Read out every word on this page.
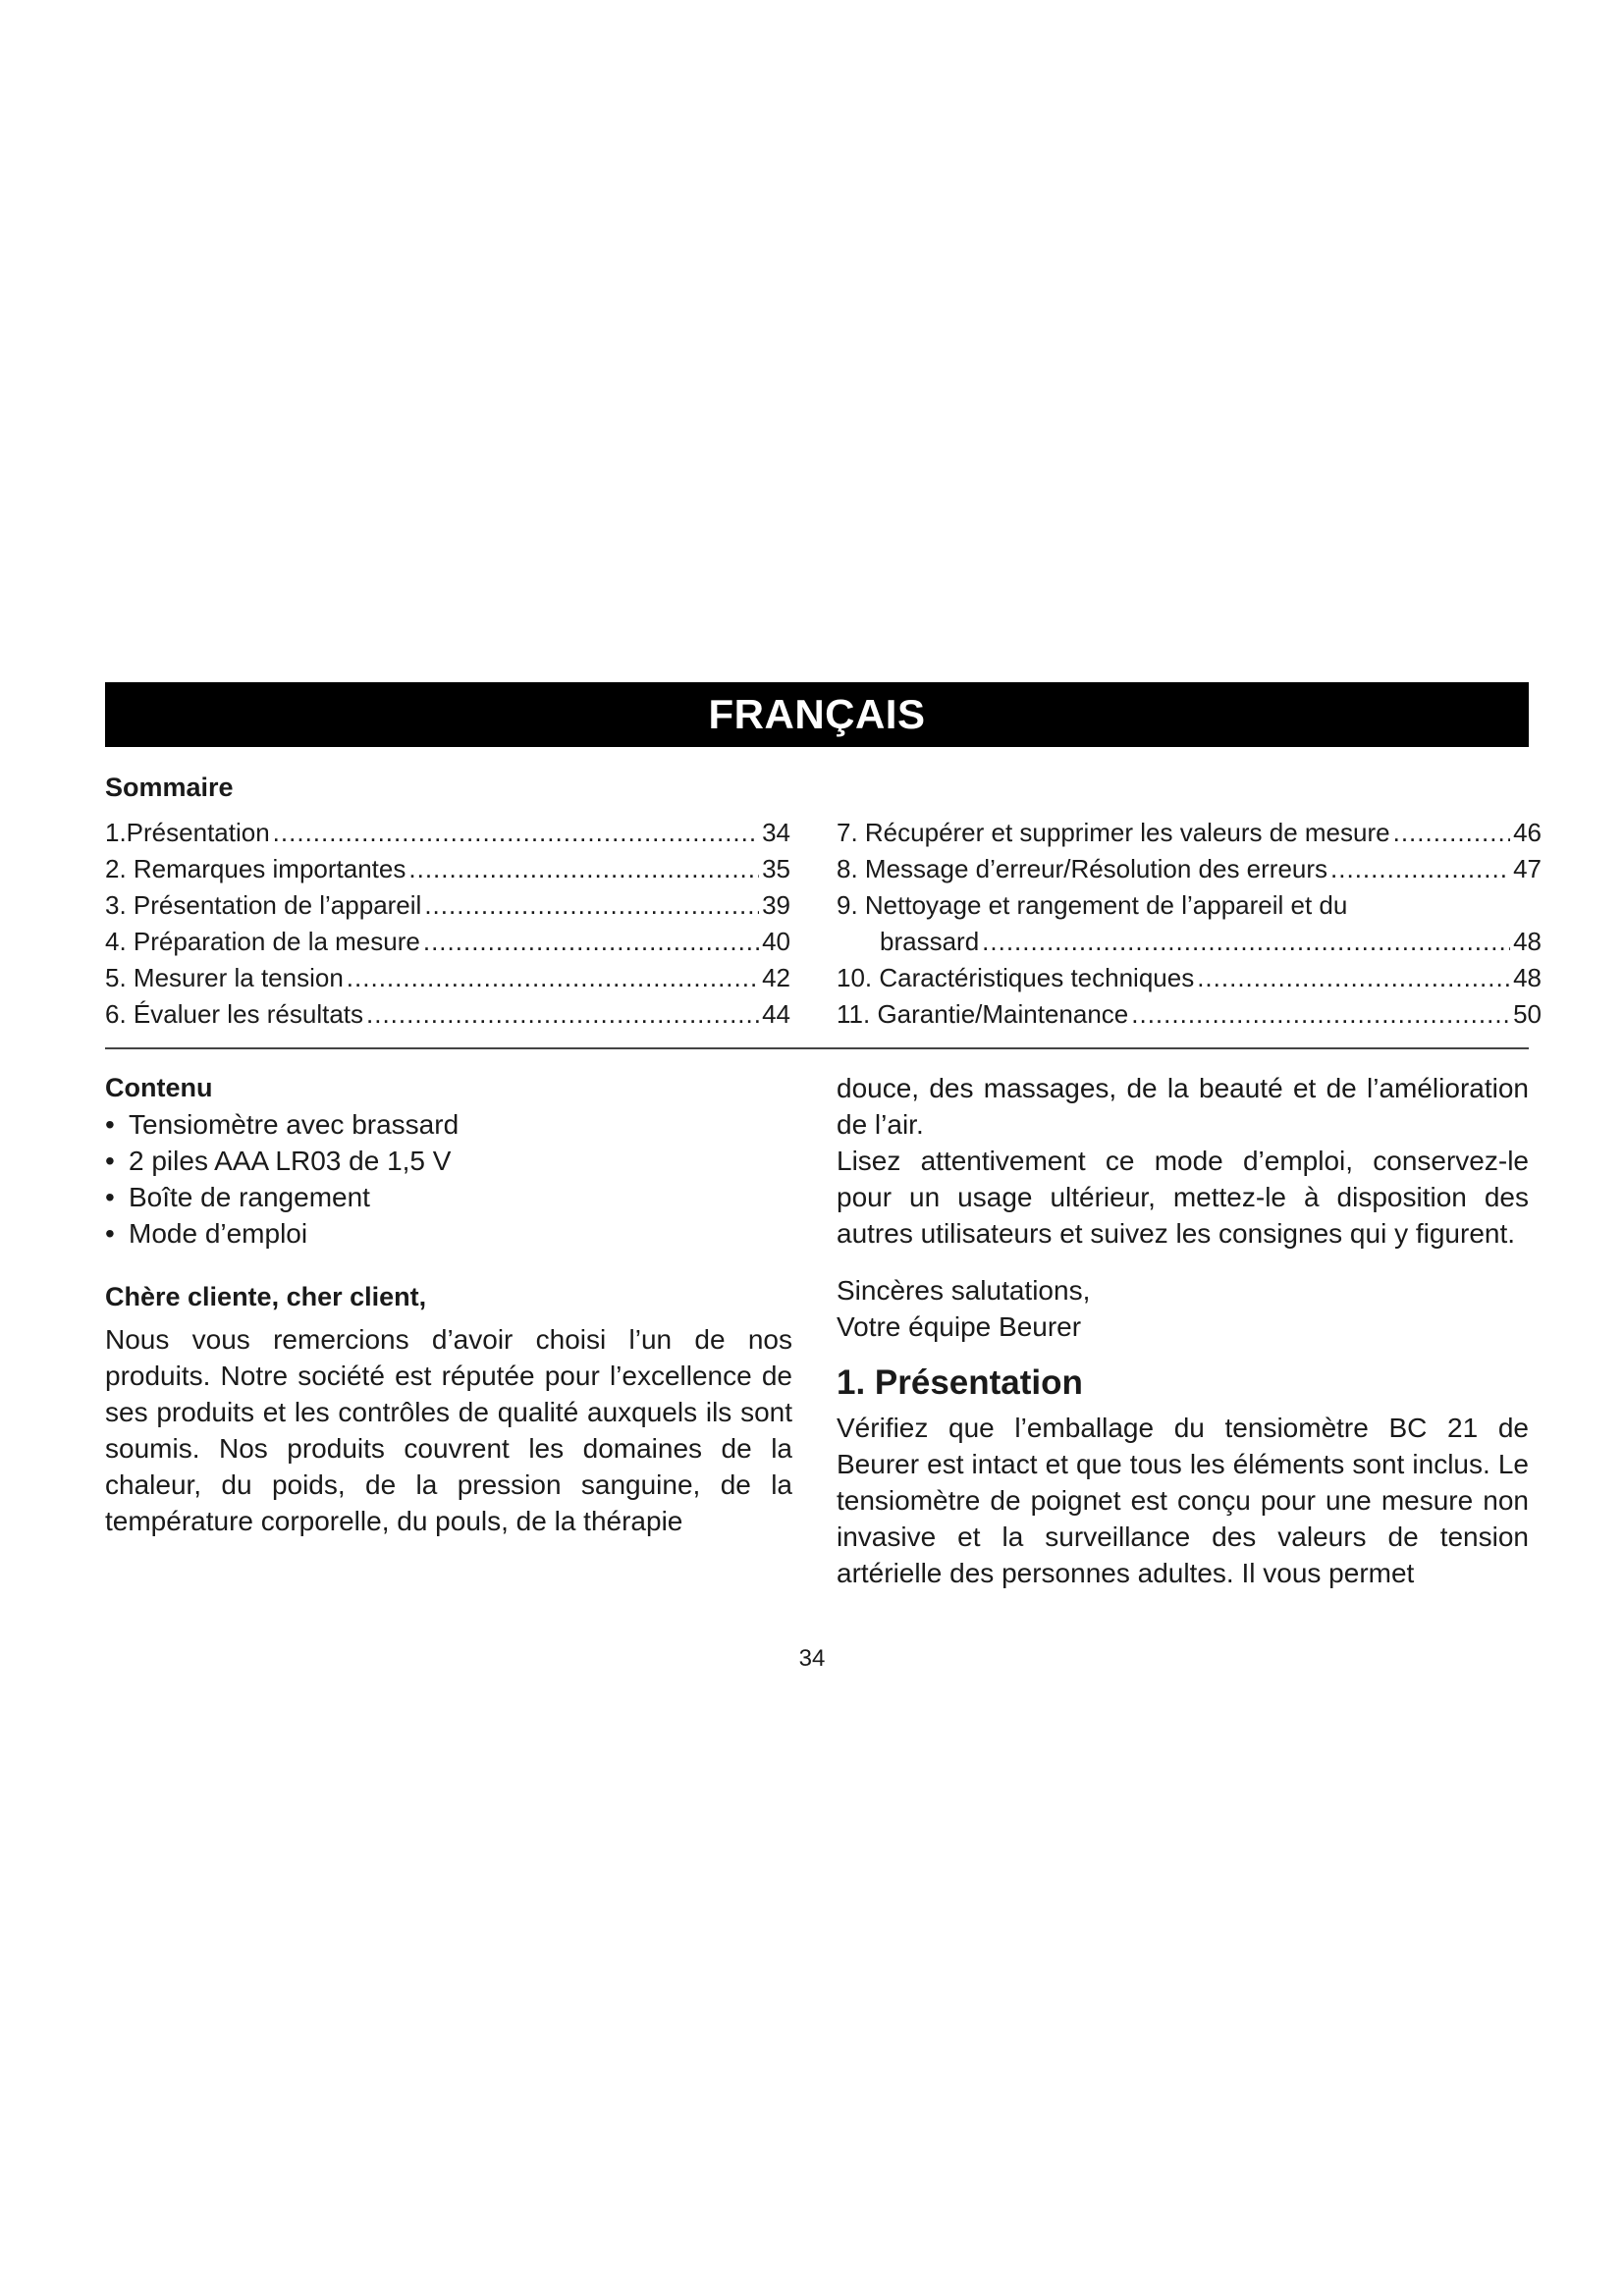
FRANÇAIS
Sommaire
1.Présentation .....	34
2. Remarques importantes .....	35
3. Présentation de l’appareil .....	39
4. Préparation de la mesure .....	40
5. Mesurer la tension .....	42
6. Évaluer les résultats .....	44
7. Récupérer et supprimer les valeurs de mesure .....	46
8. Message d’erreur/Résolution des erreurs .....	47
9. Nettoyage et rangement de l’appareil et du
brassard .....	48
10. Caractéristiques techniques .....	48
11. Garantie/Maintenance .....	50
Contenu
• Tensiomètre avec brassard
• 2 piles AAA LR03 de 1,5 V
• Boîte de rangement
• Mode d’emploi
Chère cliente, cher client,

Nous vous remercions d’avoir choisi l’un de nos produits. Notre société est réputée pour l’excellence de ses produits et les contrôles de qualité auxquels ils sont soumis. Nos produits couvrent les domaines de la chaleur, du poids, de la pression sanguine, de la température corporelle, du pouls, de la thérapie

douce, des massages, de la beauté et de l’amélioration de l’air.

Lisez attentivement ce mode d’emploi, conservez-le pour un usage ultérieur, mettez-le à disposition des autres utilisateurs et suivez les consignes qui y figurent.

Sincères salutations,

Votre équipe Beurer

1. Présentation

Vérifiez que l’emballage du tensiomètre BC 21 de Beurer est intact et que tous les éléments sont inclus. Le tensiomètre de poignet est conçu pour une mesure non invasive et la surveillance des valeurs de tension artérielle des personnes adultes. Il vous permet

34
